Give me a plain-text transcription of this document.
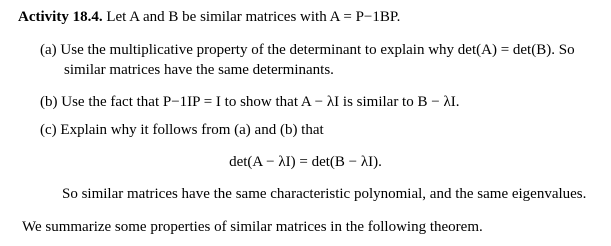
Activity 18.4. Let A and B be similar matrices with A = P−1BP.
(a) Use the multiplicative property of the determinant to explain why det(A) = det(B). So
similar matrices have the same determinants.
(b) Use the fact that P−1IP = I to show that A − λI is similar to B − λI.
(c) Explain why it follows from (a) and (b) that
det(A − λI) = det(B − λI).
So similar matrices have the same characteristic polynomial, and the same eigenvalues.
We summarize some properties of similar matrices in the following theorem.
